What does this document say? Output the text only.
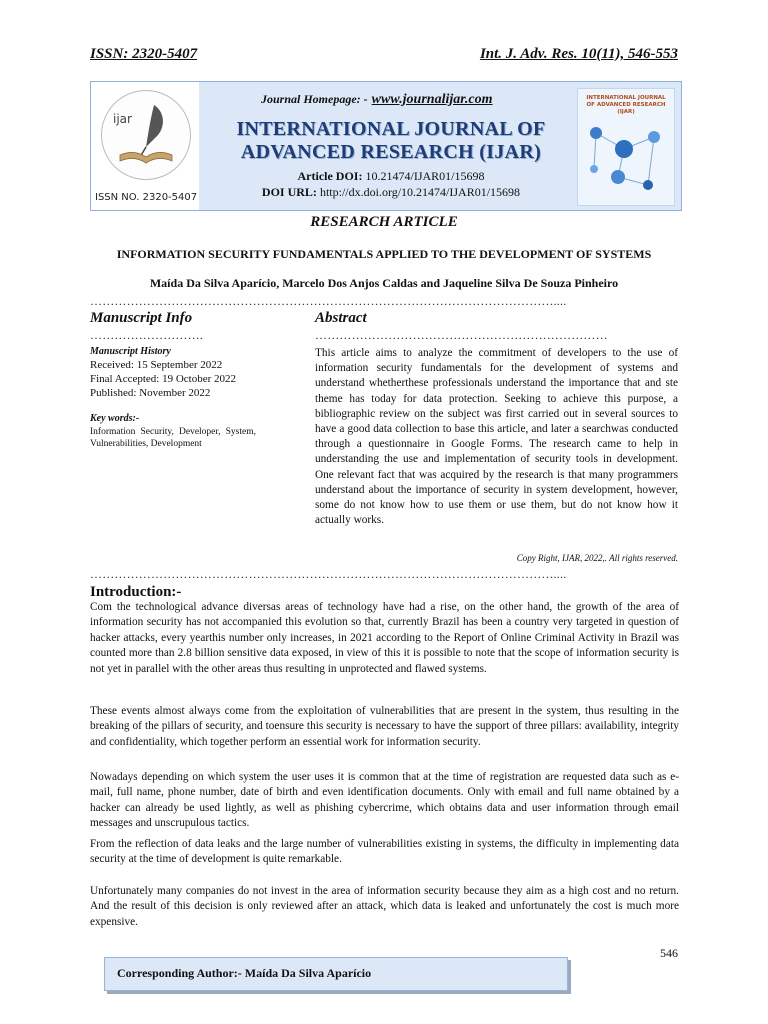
ISSN: 2320-5407	Int. J. Adv. Res. 10(11), 546-553
ijar
ISSN NO. 2320-5407
Journal Homepage: - www.journalijar.com
INTERNATIONAL JOURNAL OF
ADVANCED RESEARCH (IJAR)
Article DOI: 10.21474/IJAR01/15698
DOI URL: http://dx.doi.org/10.21474/IJAR01/15698
INTERNATIONAL JOURNAL OF ADVANCED RESEARCH (IJAR)
RESEARCH ARTICLE
INFORMATION SECURITY FUNDAMENTALS APPLIED TO THE DEVELOPMENT OF SYSTEMS
Maída Da Silva Aparício, Marcelo Dos Anjos Caldas and Jaqueline Silva De Souza Pinheiro
……………………………………………………………………………………………………....
Manuscript Info
……………………….
Manuscript History
Received: 15 September 2022
Final Accepted: 19 October 2022
Published: November 2022
Key words:-
Information Security, Developer, System, Vulnerabilities, Development
Abstract
………………………………………………………………
This article aims to analyze the commitment of developers to the use of information security fundamentals for the development of systems and understand whetherthese professionals understand the importance that and ste theme has today for data protection. Seeking to achieve this purpose, a bibliographic review on the subject was first carried out in several sources to have a good data collection to base this article, and later a searchwas conducted through a questionnaire in Google Forms. The research came to help in understanding the use and implementation of security tools in development. One relevant fact that was acquired by the research is that many programmers understand about the importance of security in system development, however, some do not know how to use them or use them, but do not know how it actually works.
Copy Right, IJAR, 2022,. All rights reserved.
……………………………………………………………………………………………………....
Introduction:-

Com the technological advance diversas areas of technology have had a rise, on the other hand, the growth of the area of information security has not accompanied this evolution so that, currently Brazil has been a country very targeted in question of hacker attacks, every yearthis number only increases, in 2021 according to the Report of Online Criminal Activity in Brazil was counted more than 2.8 billion sensitive data exposed, in view of this it is possible to note that the scope of information security is not yet in parallel with the other areas thus resulting in unprotected and flawed systems.

These events almost always come from the exploitation of vulnerabilities that are present in the system, thus resulting in the breaking of the pillars of security, and toensure this security is necessary to have the support of three pillars: availability, integrity and confidentiality, which together perform an essential work for information security.

Nowadays depending on which system the user uses it is common that at the time of registration are requested data such as e-mail, full name, phone number, date of birth and even identification documents. Only with email and full name obtained by a hacker can already be used lightly, as well as phishing cybercrime, which obtains data and user information through email messages and unscrupulous tactics.

From the reflection of data leaks and the large number of vulnerabilities existing in systems, the difficulty in implementing data security at the time of development is quite remarkable.

Unfortunately many companies do not invest in the area of information security because they aim as a high cost and no return. And the result of this decision is only reviewed after an attack, which data is leaked and unfortunately the cost is much more expensive.

546
Corresponding Author:- Maída Da Silva Aparício
